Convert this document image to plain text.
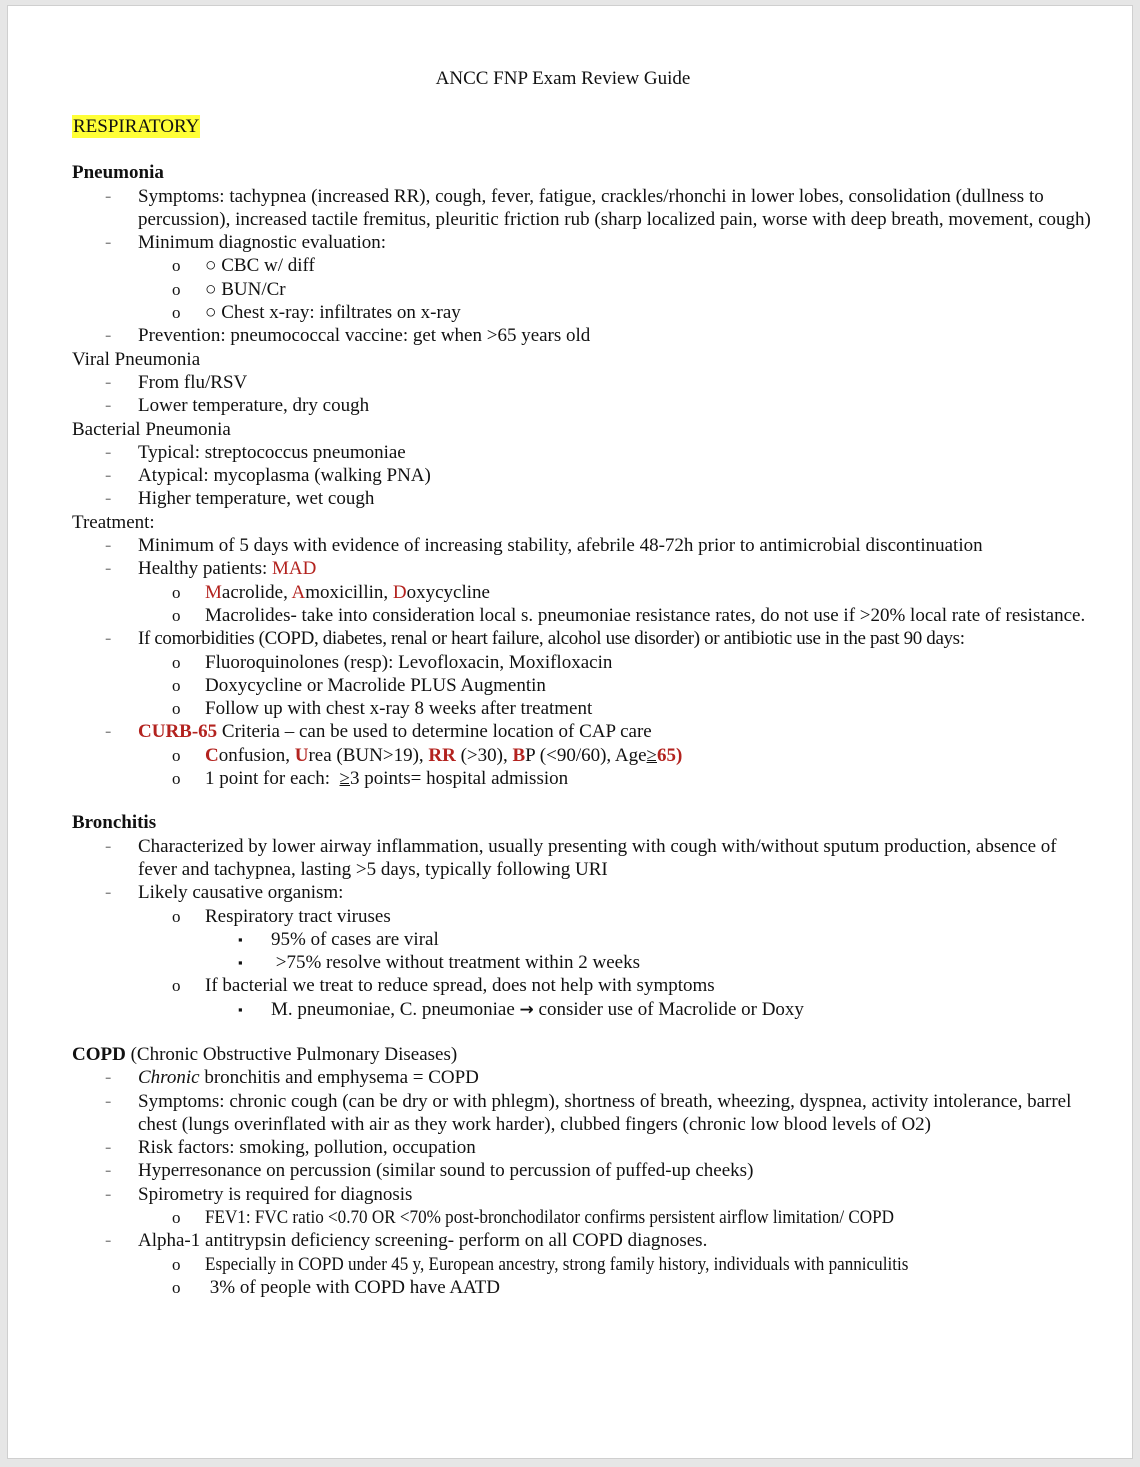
ANCC FNP Exam Review Guide
RESPIRATORY
Pneumonia
- Symptoms: tachypnea (increased RR), cough, fever, fatigue, crackles/rhonchi in lower lobes, consolidation (dullness to percussion), increased tactile fremitus, pleuritic friction rub (sharp localized pain, worse with deep breath, movement, cough)
- Minimum diagnostic evaluation:
o ○ CBC w/ diff
o ○ BUN/Cr
o ○ Chest x-ray: infiltrates on x-ray
- Prevention: pneumococcal vaccine: get when >65 years old
Viral Pneumonia
- From flu/RSV
- Lower temperature, dry cough
Bacterial Pneumonia
- Typical: streptococcus pneumoniae
- Atypical: mycoplasma (walking PNA)
- Higher temperature, wet cough
Treatment:
- Minimum of 5 days with evidence of increasing stability, afebrile 48-72h prior to antimicrobial discontinuation
- Healthy patients: MAD
o Macrolide, Amoxicillin, Doxycycline
o Macrolides- take into consideration local s. pneumoniae resistance rates, do not use if >20% local rate of resistance.
- If comorbidities (COPD, diabetes, renal or heart failure, alcohol use disorder) or antibiotic use in the past 90 days:
o Fluoroquinolones (resp): Levofloxacin, Moxifloxacin
o Doxycycline or Macrolide PLUS Augmentin
o Follow up with chest x-ray 8 weeks after treatment
- CURB-65 Criteria – can be used to determine location of CAP care
o Confusion, Urea (BUN>19), RR (>30), BP (<90/60), Age≥65)
o 1 point for each:  ≥3 points= hospital admission
Bronchitis
- Characterized by lower airway inflammation, usually presenting with cough with/without sputum production, absence of fever and tachypnea, lasting >5 days, typically following URI
- Likely causative organism:
o Respiratory tract viruses
▪ 95% of cases are viral
▪ >75% resolve without treatment within 2 weeks
o If bacterial we treat to reduce spread, does not help with symptoms
▪ M. pneumoniae, C. pneumoniae → consider use of Macrolide or Doxy
COPD (Chronic Obstructive Pulmonary Diseases)
- Chronic bronchitis and emphysema = COPD
- Symptoms: chronic cough (can be dry or with phlegm), shortness of breath, wheezing, dyspnea, activity intolerance, barrel chest (lungs overinflated with air as they work harder), clubbed fingers (chronic low blood levels of O2)
- Risk factors: smoking, pollution, occupation
- Hyperresonance on percussion (similar sound to percussion of puffed-up cheeks)
- Spirometry is required for diagnosis
o FEV1: FVC ratio <0.70 OR <70% post-bronchodilator confirms persistent airflow limitation/ COPD
- Alpha-1 antitrypsin deficiency screening- perform on all COPD diagnoses.
o Especially in COPD under 45 y, European ancestry, strong family history, individuals with panniculitis
o 3% of people with COPD have AATD
